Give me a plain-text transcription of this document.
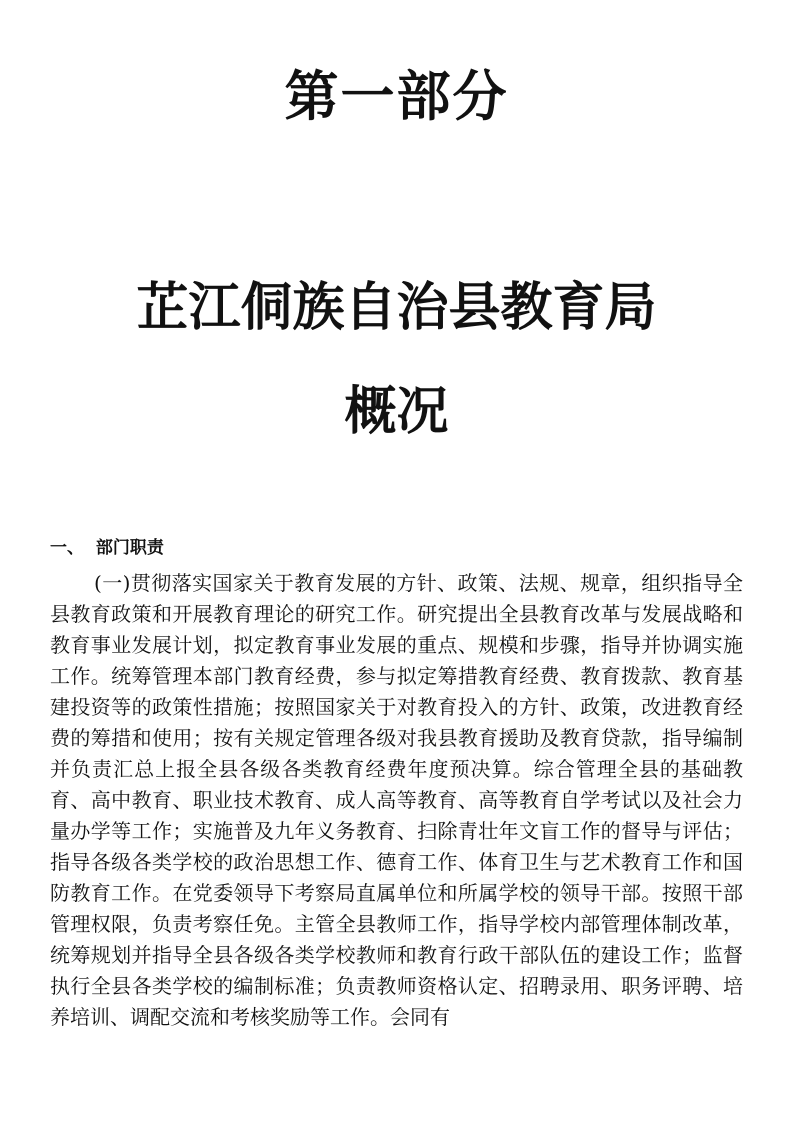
第一部分
芷江侗族自治县教育局
概况
一、 部门职责

(一)贯彻落实国家关于教育发展的方针、政策、法规、规章，组织指导全县教育政策和开展教育理论的研究工作。研究提出全县教育改革与发展战略和教育事业发展计划，拟定教育事业发展的重点、规模和步骤，指导并协调实施工作。统筹管理本部门教育经费，参与拟定筹措教育经费、教育拨款、教育基建投资等的政策性措施；按照国家关于对教育投入的方针、政策，改进教育经费的筹措和使用；按有关规定管理各级对我县教育援助及教育贷款，指导编制并负责汇总上报全县各级各类教育经费年度预决算。综合管理全县的基础教育、高中教育、职业技术教育、成人高等教育、高等教育自学考试以及社会力量办学等工作；实施普及九年义务教育、扫除青壮年文盲工作的督导与评估；指导各级各类学校的政治思想工作、德育工作、体育卫生与艺术教育工作和国防教育工作。在党委领导下考察局直属单位和所属学校的领导干部。按照干部管理权限，负责考察任免。主管全县教师工作，指导学校内部管理体制改革，统筹规划并指导全县各级各类学校教师和教育行政干部队伍的建设工作；监督执行全县各类学校的编制标准；负责教师资格认定、招聘录用、职务评聘、培养培训、调配交流和考核奖励等工作。会同有
